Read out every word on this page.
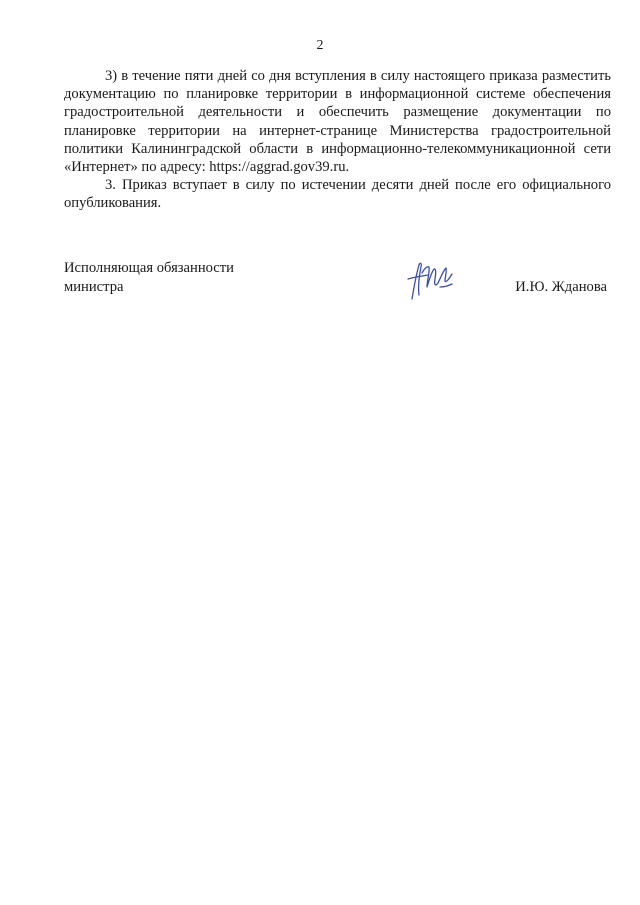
2

3) в течение пяти дней со дня вступления в силу настоящего приказа разместить документацию по планировке территории в информационной системе обеспечения градостроительной деятельности и обеспечить размещение документации по планировке территории на интернет-странице Министерства градостроительной политики Калининградской области в информационно-телекоммуникационной сети «Интернет» по адресу: https://aggrad.gov39.ru.

3. Приказ вступает в силу по истечении десяти дней после его официального опубликования.

Исполняющая обязанности
министра	И.Ю. Жданова
